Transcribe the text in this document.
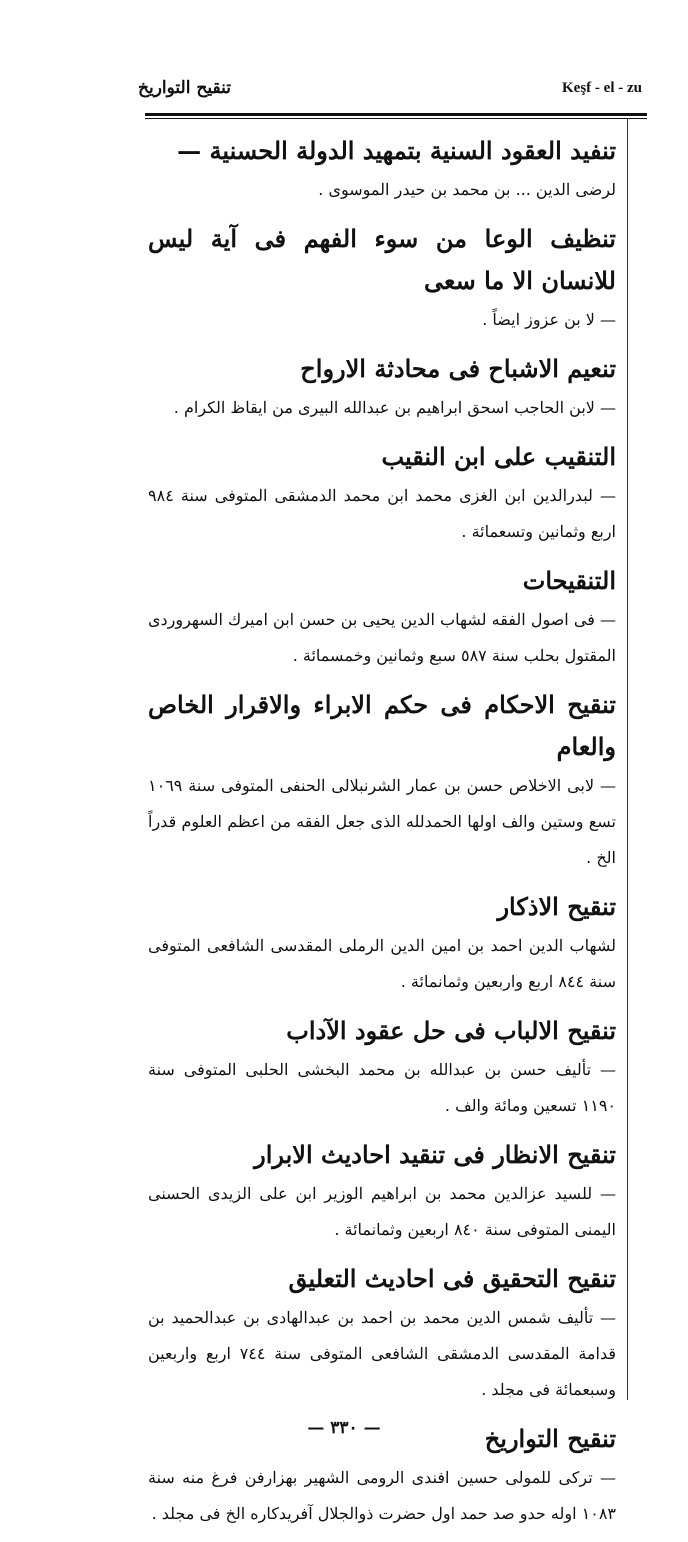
تنقيح التواريخ	Keşf - el - zu

تنفيد العقود السنية بتمهيد الدولة الحسنية —

لرضى الدين ... بن محمد بن حيدر الموسوى .

تنظيف الوعا من سوء الفهم فى آية ليس للانسان الا ما سعى

— لا بن عزوز ايضاً .

تنعيم الاشباح فى محادثة الارواح

— لابن الحاجب اسحق ابراهيم بن عبدالله البيرى من ايقاظ الكرام .

التنقيب على ابن النقيب

— لبدرالدين ابن الغزى محمد ابن محمد الدمشقى المتوفى سنة ٩٨٤ اربع وثمانين وتسعمائة .

التنقيحات

— فى اصول الفقه لشهاب الدين يحيى بن حسن ابن اميرك السهروردى المقتول بحلب سنة ٥٨٧ سبع وثمانين وخمسمائة .

تنقيح الاحكام فى حكم الابراء والاقرار الخاص والعام

— لابى الاخلاص حسن بن عمار الشرنبلالى الحنفى المتوفى سنة ١٠٦٩ تسع وستين والف اولها الحمدلله الذى جعل الفقه من اعظم العلوم قدراً الخ .

تنقيح الاذكار

لشهاب الدين احمد بن امين الدين الرملى المقدسى الشافعى المتوفى سنة ٨٤٤ اربع واربعين وثمانمائة .

تنقيح الالباب فى حل عقود الآداب

— تأليف حسن بن عبدالله بن محمد البخشى الحلبى المتوفى سنة ١١٩٠ تسعين ومائة والف .

تنقيح الانظار فى تنقيد احاديث الابرار

— للسيد عزالدين محمد بن ابراهيم الوزير ابن على الزيدى الحسنى اليمنى المتوفى سنة ٨٤٠ اربعين وثمانمائة .

تنقيح التحقيق فى احاديث التعليق

— تأليف شمس الدين محمد بن احمد بن عبدالهادى بن عبدالحميد بن قدامة المقدسى الدمشقى الشافعى المتوفى سنة ٧٤٤ اربع واربعين وسبعمائة فى مجلد .

تنقيح التواريخ

— تركى للمولى حسين افندى الرومى الشهير بهزارفن فرغ منه سنة ١٠٨٣ اوله حدو صد حمد اول حضرت ذوالجلال آفريدكاره الخ فى مجلد .

— ٣٣٠ —
